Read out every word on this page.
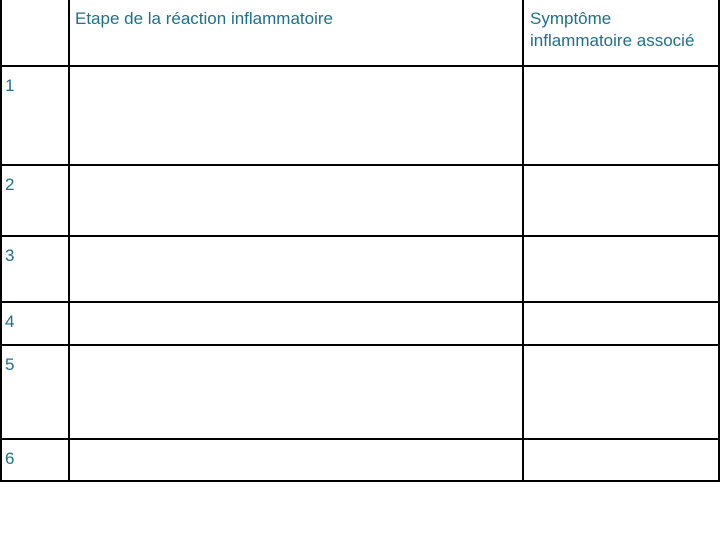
Etape de la réaction inflammatoire	Symptôme inflammatoire associé
1
2
3
4
5
6
